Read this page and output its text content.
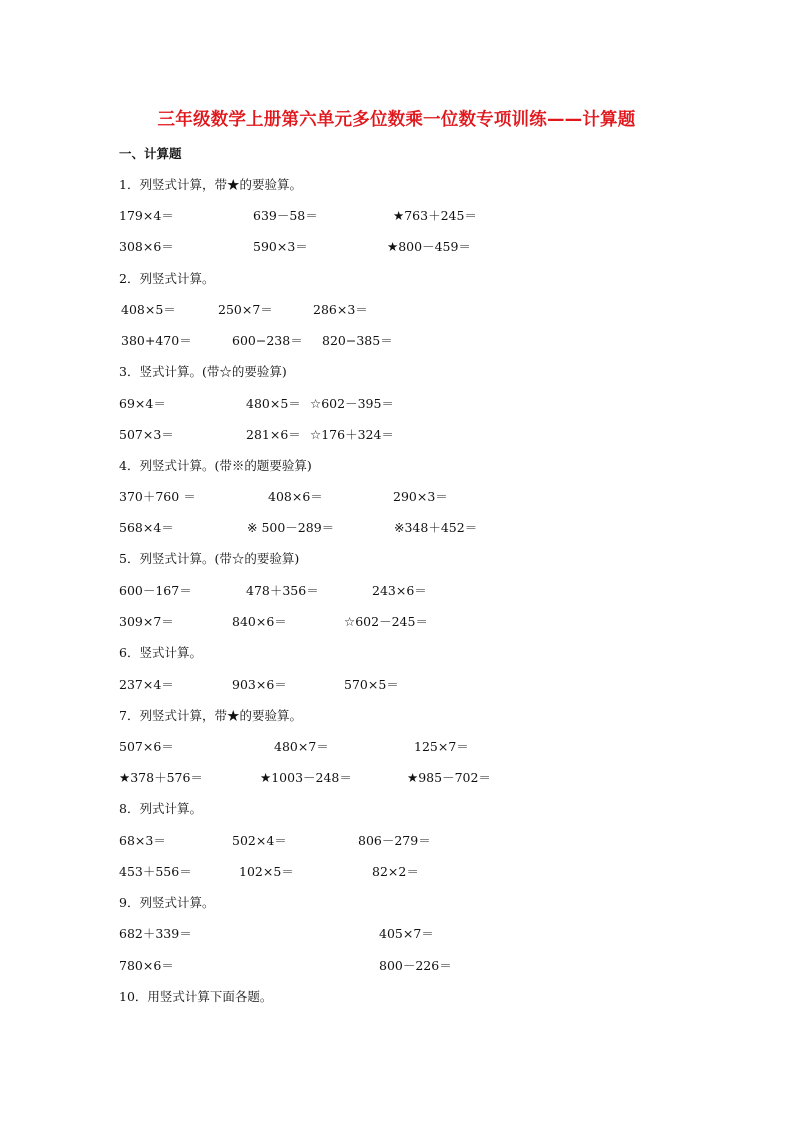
三年级数学上册第六单元多位数乘一位数专项训练——计算题
一、计算题
1．列竖式计算，带★的要验算。
179×4＝	639－58＝	★763＋245＝
308×6＝	590×3＝	★800－459＝
2．列竖式计算。
408×5＝	250×7＝	286×3＝
380+470＝	600−238＝ 820−385＝
3．竖式计算。(带☆的要验算)
69×4＝	480×5＝ ☆602－395＝
507×3＝	281×6＝ ☆176＋324＝
4．列竖式计算。(带※的题要验算)
370＋760 ＝	408×6＝	290×3＝
568×4＝	※ 500－289＝	※348＋452＝
5．列竖式计算。(带☆的要验算)
600－167＝	478＋356＝	243×6＝
309×7＝	840×6＝	☆602－245＝
6．竖式计算。
237×4＝	903×6＝	570×5＝
7．列竖式计算，带★的要验算。
507×6＝	480×7＝	125×7＝
★378＋576＝	★1003－248＝	★985－702＝
8．列式计算。
68×3＝	502×4＝	806－279＝
453＋556＝	102×5＝	82×2＝
9．列竖式计算。
682＋339＝	405×7＝
780×6＝	800－226＝
10．用竖式计算下面各题。
